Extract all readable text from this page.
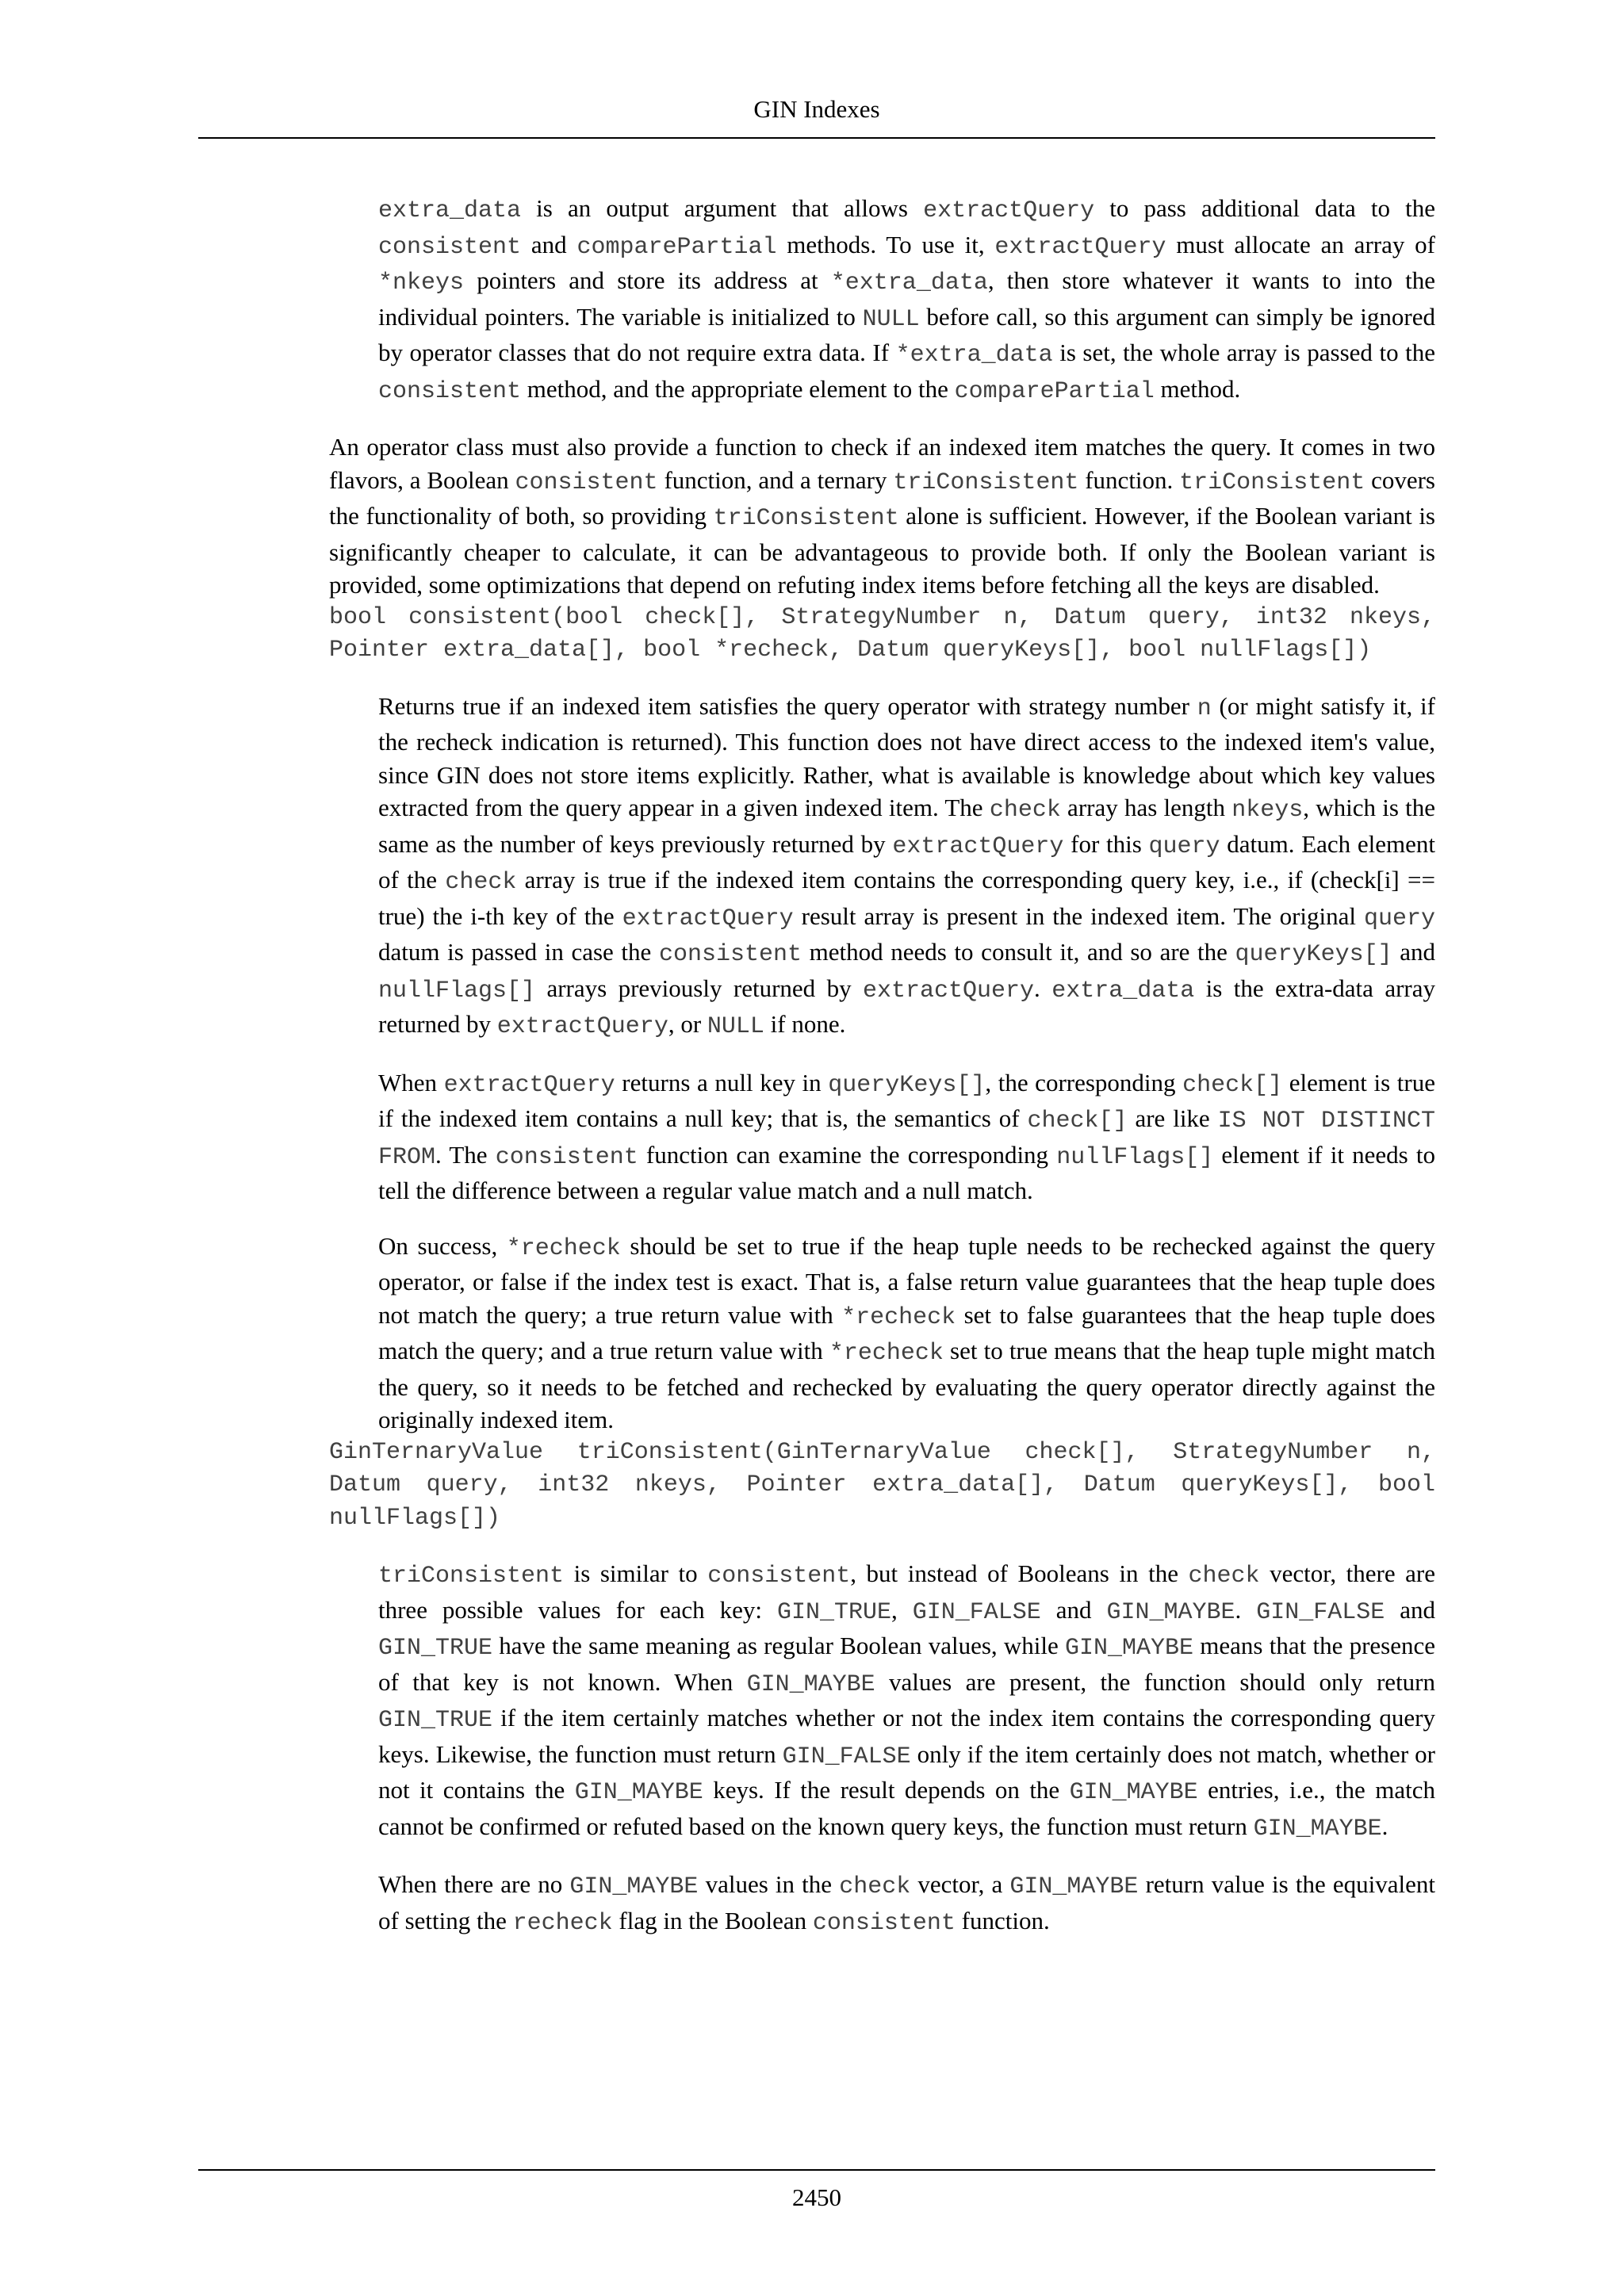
GIN Indexes

extra_data is an output argument that allows extractQuery to pass additional data to the consistent and comparePartial methods. To use it, extractQuery must allocate an array of *nkeys pointers and store its address at *extra_data, then store whatever it wants to into the individual pointers. The variable is initialized to NULL before call, so this argument can simply be ignored by operator classes that do not require extra data. If *extra_data is set, the whole array is passed to the consistent method, and the appropriate element to the comparePartial method.

An operator class must also provide a function to check if an indexed item matches the query. It comes in two flavors, a Boolean consistent function, and a ternary triConsistent function. triConsistent covers the functionality of both, so providing triConsistent alone is sufficient. However, if the Boolean variant is significantly cheaper to calculate, it can be advantageous to provide both. If only the Boolean variant is provided, some optimizations that depend on refuting index items before fetching all the keys are disabled.

bool consistent(bool check[], StrategyNumber n, Datum query, int32 nkeys, Pointer extra_data[], bool *recheck, Datum queryKeys[], bool nullFlags[])

Returns true if an indexed item satisfies the query operator with strategy number n (or might satisfy it, if the recheck indication is returned). This function does not have direct access to the indexed item's value, since GIN does not store items explicitly. Rather, what is available is knowledge about which key values extracted from the query appear in a given indexed item. The check array has length nkeys, which is the same as the number of keys previously returned by extractQuery for this query datum. Each element of the check array is true if the indexed item contains the corresponding query key, i.e., if (check[i] == true) the i-th key of the extractQuery result array is present in the indexed item. The original query datum is passed in case the consistent method needs to consult it, and so are the queryKeys[] and nullFlags[] arrays previously returned by extractQuery. extra_data is the extra-data array returned by extractQuery, or NULL if none.

When extractQuery returns a null key in queryKeys[], the corresponding check[] element is true if the indexed item contains a null key; that is, the semantics of check[] are like IS NOT DISTINCT FROM. The consistent function can examine the corresponding nullFlags[] element if it needs to tell the difference between a regular value match and a null match.

On success, *recheck should be set to true if the heap tuple needs to be rechecked against the query operator, or false if the index test is exact. That is, a false return value guarantees that the heap tuple does not match the query; a true return value with *recheck set to false guarantees that the heap tuple does match the query; and a true return value with *recheck set to true means that the heap tuple might match the query, so it needs to be fetched and rechecked by evaluating the query operator directly against the originally indexed item.

GinTernaryValue triConsistent(GinTernaryValue check[], StrategyNumber n, Datum query, int32 nkeys, Pointer extra_data[], Datum queryKeys[], bool nullFlags[])

triConsistent is similar to consistent, but instead of Booleans in the check vector, there are three possible values for each key: GIN_TRUE, GIN_FALSE and GIN_MAYBE. GIN_FALSE and GIN_TRUE have the same meaning as regular Boolean values, while GIN_MAYBE means that the presence of that key is not known. When GIN_MAYBE values are present, the function should only return GIN_TRUE if the item certainly matches whether or not the index item contains the corresponding query keys. Likewise, the function must return GIN_FALSE only if the item certainly does not match, whether or not it contains the GIN_MAYBE keys. If the result depends on the GIN_MAYBE entries, i.e., the match cannot be confirmed or refuted based on the known query keys, the function must return GIN_MAYBE.

When there are no GIN_MAYBE values in the check vector, a GIN_MAYBE return value is the equivalent of setting the recheck flag in the Boolean consistent function.

2450
